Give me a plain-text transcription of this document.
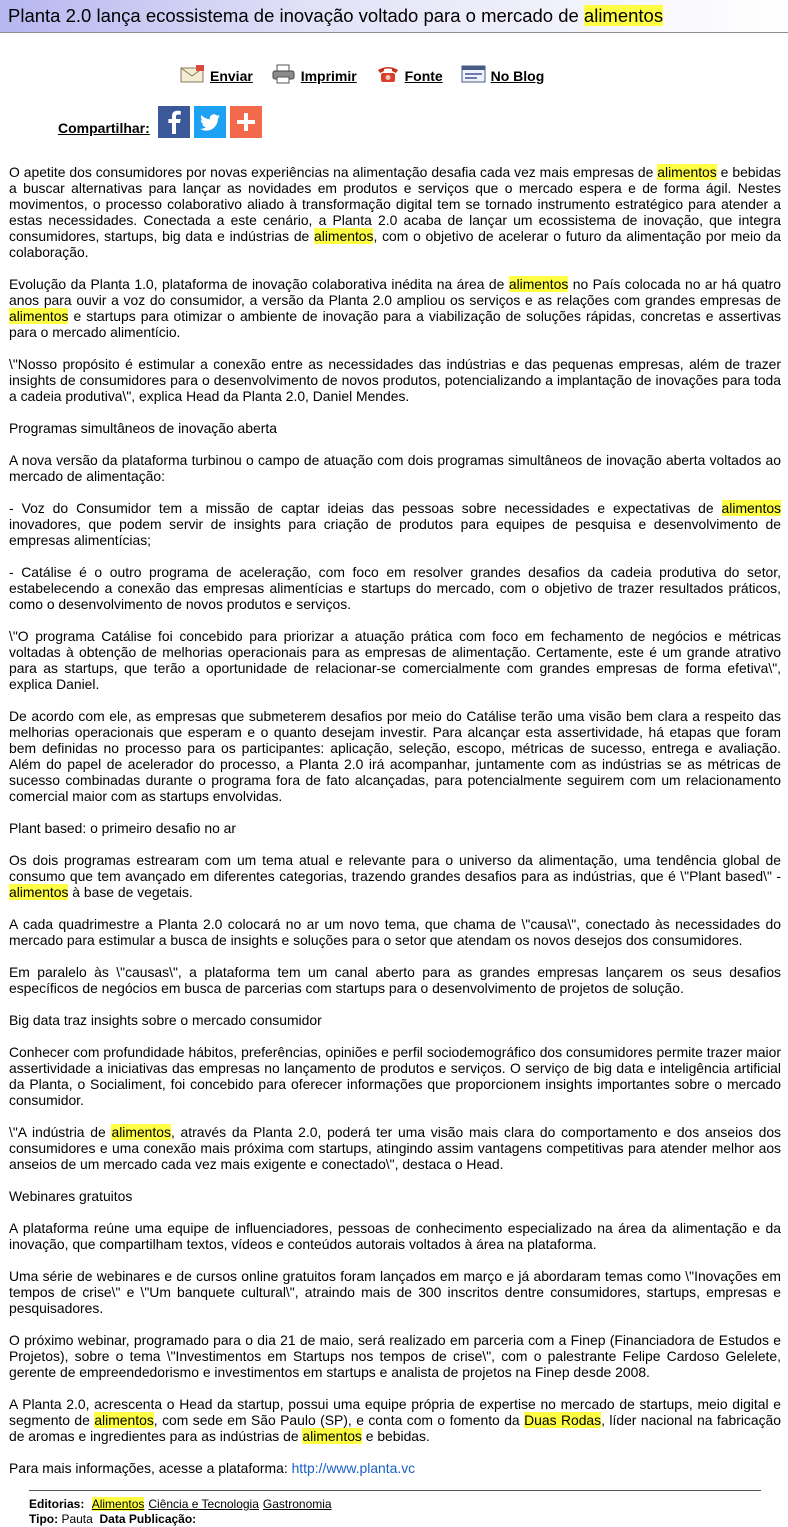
Planta 2.0 lança ecossistema de inovação voltado para o mercado de alimentos
Enviar
	Imprimir
	Fonte
	No Blog
Compartilhar:

O apetite dos consumidores por novas experiências na alimentação desafia cada vez mais empresas de alimentos e bebidas a buscar alternativas para lançar as novidades em produtos e serviços que o mercado espera e de forma ágil. Nestes movimentos, o processo colaborativo aliado à transformação digital tem se tornado instrumento estratégico para atender a estas necessidades. Conectada a este cenário, a Planta 2.0 acaba de lançar um ecossistema de inovação, que integra consumidores, startups, big data e indústrias de alimentos, com o objetivo de acelerar o futuro da alimentação por meio da colaboração.

Evolução da Planta 1.0, plataforma de inovação colaborativa inédita na área de alimentos no País colocada no ar há quatro anos para ouvir a voz do consumidor, a versão da Planta 2.0 ampliou os serviços e as relações com grandes empresas de alimentos e startups para otimizar o ambiente de inovação para a viabilização de soluções rápidas, concretas e assertivas para o mercado alimentício.

\"Nosso propósito é estimular a conexão entre as necessidades das indústrias e das pequenas empresas, além de trazer insights de consumidores para o desenvolvimento de novos produtos, potencializando a implantação de inovações para toda a cadeia produtiva\", explica Head da Planta 2.0, Daniel Mendes.

Programas simultâneos de inovação aberta

A nova versão da plataforma turbinou o campo de atuação com dois programas simultâneos de inovação aberta voltados ao mercado de alimentação:

- Voz do Consumidor tem a missão de captar ideias das pessoas sobre necessidades e expectativas de alimentos inovadores, que podem servir de insights para criação de produtos para equipes de pesquisa e desenvolvimento de empresas alimentícias;

- Catálise é o outro programa de aceleração, com foco em resolver grandes desafios da cadeia produtiva do setor, estabelecendo a conexão das empresas alimentícias e startups do mercado, com o objetivo de trazer resultados práticos, como o desenvolvimento de novos produtos e serviços.

\"O programa Catálise foi concebido para priorizar a atuação prática com foco em fechamento de negócios e métricas voltadas à obtenção de melhorias operacionais para as empresas de alimentação. Certamente, este é um grande atrativo para as startups, que terão a oportunidade de relacionar-se comercialmente com grandes empresas de forma efetiva\", explica Daniel.

De acordo com ele, as empresas que submeterem desafios por meio do Catálise terão uma visão bem clara a respeito das melhorias operacionais que esperam e o quanto desejam investir. Para alcançar esta assertividade, há etapas que foram bem definidas no processo para os participantes: aplicação, seleção, escopo, métricas de sucesso, entrega e avaliação. Além do papel de acelerador do processo, a Planta 2.0 irá acompanhar, juntamente com as indústrias se as métricas de sucesso combinadas durante o programa fora de fato alcançadas, para potencialmente seguirem com um relacionamento comercial maior com as startups envolvidas.

Plant based: o primeiro desafio no ar

Os dois programas estrearam com um tema atual e relevante para o universo da alimentação, uma tendência global de consumo que tem avançado em diferentes categorias, trazendo grandes desafios para as indústrias, que é \"Plant based\" - alimentos à base de vegetais.

A cada quadrimestre a Planta 2.0 colocará no ar um novo tema, que chama de \"causa\", conectado às necessidades do mercado para estimular a busca de insights e soluções para o setor que atendam os novos desejos dos consumidores.

Em paralelo às \"causas\", a plataforma tem um canal aberto para as grandes empresas lançarem os seus desafios específicos de negócios em busca de parcerias com startups para o desenvolvimento de projetos de solução.

Big data traz insights sobre o mercado consumidor

Conhecer com profundidade hábitos, preferências, opiniões e perfil sociodemográfico dos consumidores permite trazer maior assertividade a iniciativas das empresas no lançamento de produtos e serviços. O serviço de big data e inteligência artificial da Planta, o Socialiment, foi concebido para oferecer informações que proporcionem insights importantes sobre o mercado consumidor.

\"A indústria de alimentos, através da Planta 2.0, poderá ter uma visão mais clara do comportamento e dos anseios dos consumidores e uma conexão mais próxima com startups, atingindo assim vantagens competitivas para atender melhor aos anseios de um mercado cada vez mais exigente e conectado\", destaca o Head.

Webinares gratuitos

A plataforma reúne uma equipe de influenciadores, pessoas de conhecimento especializado na área da alimentação e da inovação, que compartilham textos, vídeos e conteúdos autorais voltados à área na plataforma.

Uma série de webinares e de cursos online gratuitos foram lançados em março e já abordaram temas como \"Inovações em tempos de crise\" e \"Um banquete cultural\", atraindo mais de 300 inscritos dentre consumidores, startups, empresas e pesquisadores.

O próximo webinar, programado para o dia 21 de maio, será realizado em parceria com a Finep (Financiadora de Estudos e Projetos), sobre o tema \"Investimentos em Startups nos tempos de crise\", com o palestrante Felipe Cardoso Gelelete, gerente de empreendedorismo e investimentos em startups e analista de projetos na Finep desde 2008.

A Planta 2.0, acrescenta o Head da startup, possui uma equipe própria de expertise no mercado de startups, meio digital e segmento de alimentos, com sede em São Paulo (SP), e conta com o fomento da Duas Rodas, líder nacional na fabricação de aromas e ingredientes para as indústrias de alimentos e bebidas.

Para mais informações, acesse a plataforma: http://www.planta.vc

Editorias: Alimentos Ciência e Tecnologia Gastronomia
Tipo: Pauta Data Publicação:
